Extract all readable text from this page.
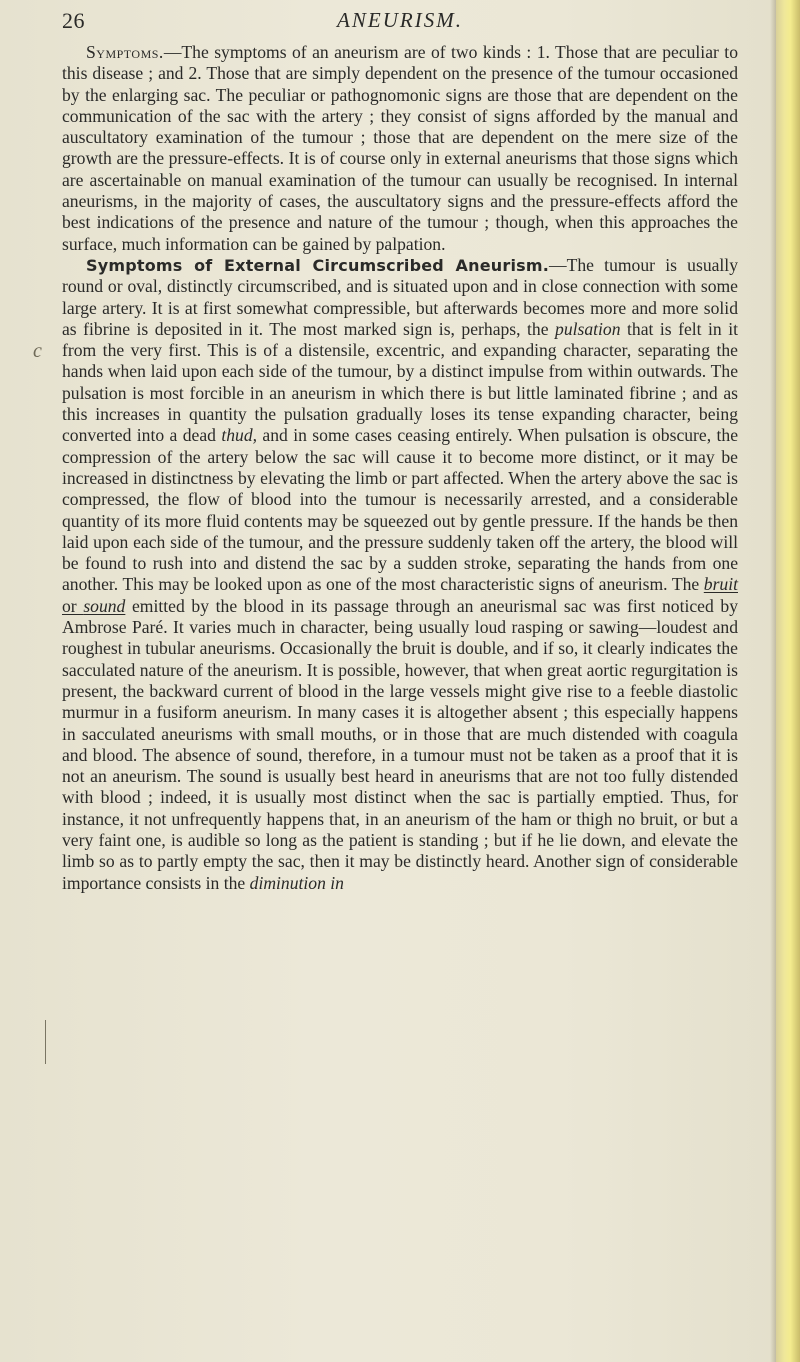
26	ANEURISM.
c

Symptoms.—The symptoms of an aneurism are of two kinds : 1. Those that are peculiar to this disease ; and 2. Those that are simply dependent on the presence of the tumour occasioned by the enlarging sac. The peculiar or pathognomonic signs are those that are dependent on the communication of the sac with the artery ; they consist of signs afforded by the manual and auscultatory examination of the tumour ; those that are dependent on the mere size of the growth are the pressure-effects. It is of course only in external aneurisms that those signs which are ascertainable on manual examination of the tumour can usually be recognised. In internal aneurisms, in the majority of cases, the auscultatory signs and the pressure-effects afford the best indications of the presence and nature of the tumour ; though, when this approaches the surface, much information can be gained by palpation.

Symptoms of External Circumscribed Aneurism.—The tumour is usually round or oval, distinctly circumscribed, and is situated upon and in close connection with some large artery. It is at first somewhat compressible, but afterwards becomes more and more solid as fibrine is deposited in it. The most marked sign is, perhaps, the pulsation that is felt in it from the very first. This is of a distensile, excentric, and expanding character, separating the hands when laid upon each side of the tumour, by a distinct impulse from within outwards. The pulsation is most forcible in an aneurism in which there is but little laminated fibrine ; and as this increases in quantity the pulsation gradually loses its tense expanding character, being converted into a dead thud, and in some cases ceasing entirely. When pulsation is obscure, the compression of the artery below the sac will cause it to become more distinct, or it may be increased in distinctness by elevating the limb or part affected. When the artery above the sac is compressed, the flow of blood into the tumour is necessarily arrested, and a considerable quantity of its more fluid contents may be squeezed out by gentle pressure. If the hands be then laid upon each side of the tumour, and the pressure suddenly taken off the artery, the blood will be found to rush into and distend the sac by a sudden stroke, separating the hands from one another. This may be looked upon as one of the most characteristic signs of aneurism. The bruit or sound emitted by the blood in its passage through an aneurismal sac was first noticed by Ambrose Paré. It varies much in character, being usually loud rasping or sawing—loudest and roughest in tubular aneurisms. Occasionally the bruit is double, and if so, it clearly indicates the sacculated nature of the aneurism. It is possible, however, that when great aortic regurgitation is present, the backward current of blood in the large vessels might give rise to a feeble diastolic murmur in a fusiform aneurism. In many cases it is altogether absent ; this especially happens in sacculated aneurisms with small mouths, or in those that are much distended with coagula and blood. The absence of sound, therefore, in a tumour must not be taken as a proof that it is not an aneurism. The sound is usually best heard in aneurisms that are not too fully distended with blood ; indeed, it is usually most distinct when the sac is partially emptied. Thus, for instance, it not unfrequently happens that, in an aneurism of the ham or thigh no bruit, or but a very faint one, is audible so long as the patient is standing ; but if he lie down, and elevate the limb so as to partly empty the sac, then it may be distinctly heard. Another sign of considerable importance consists in the diminution in
